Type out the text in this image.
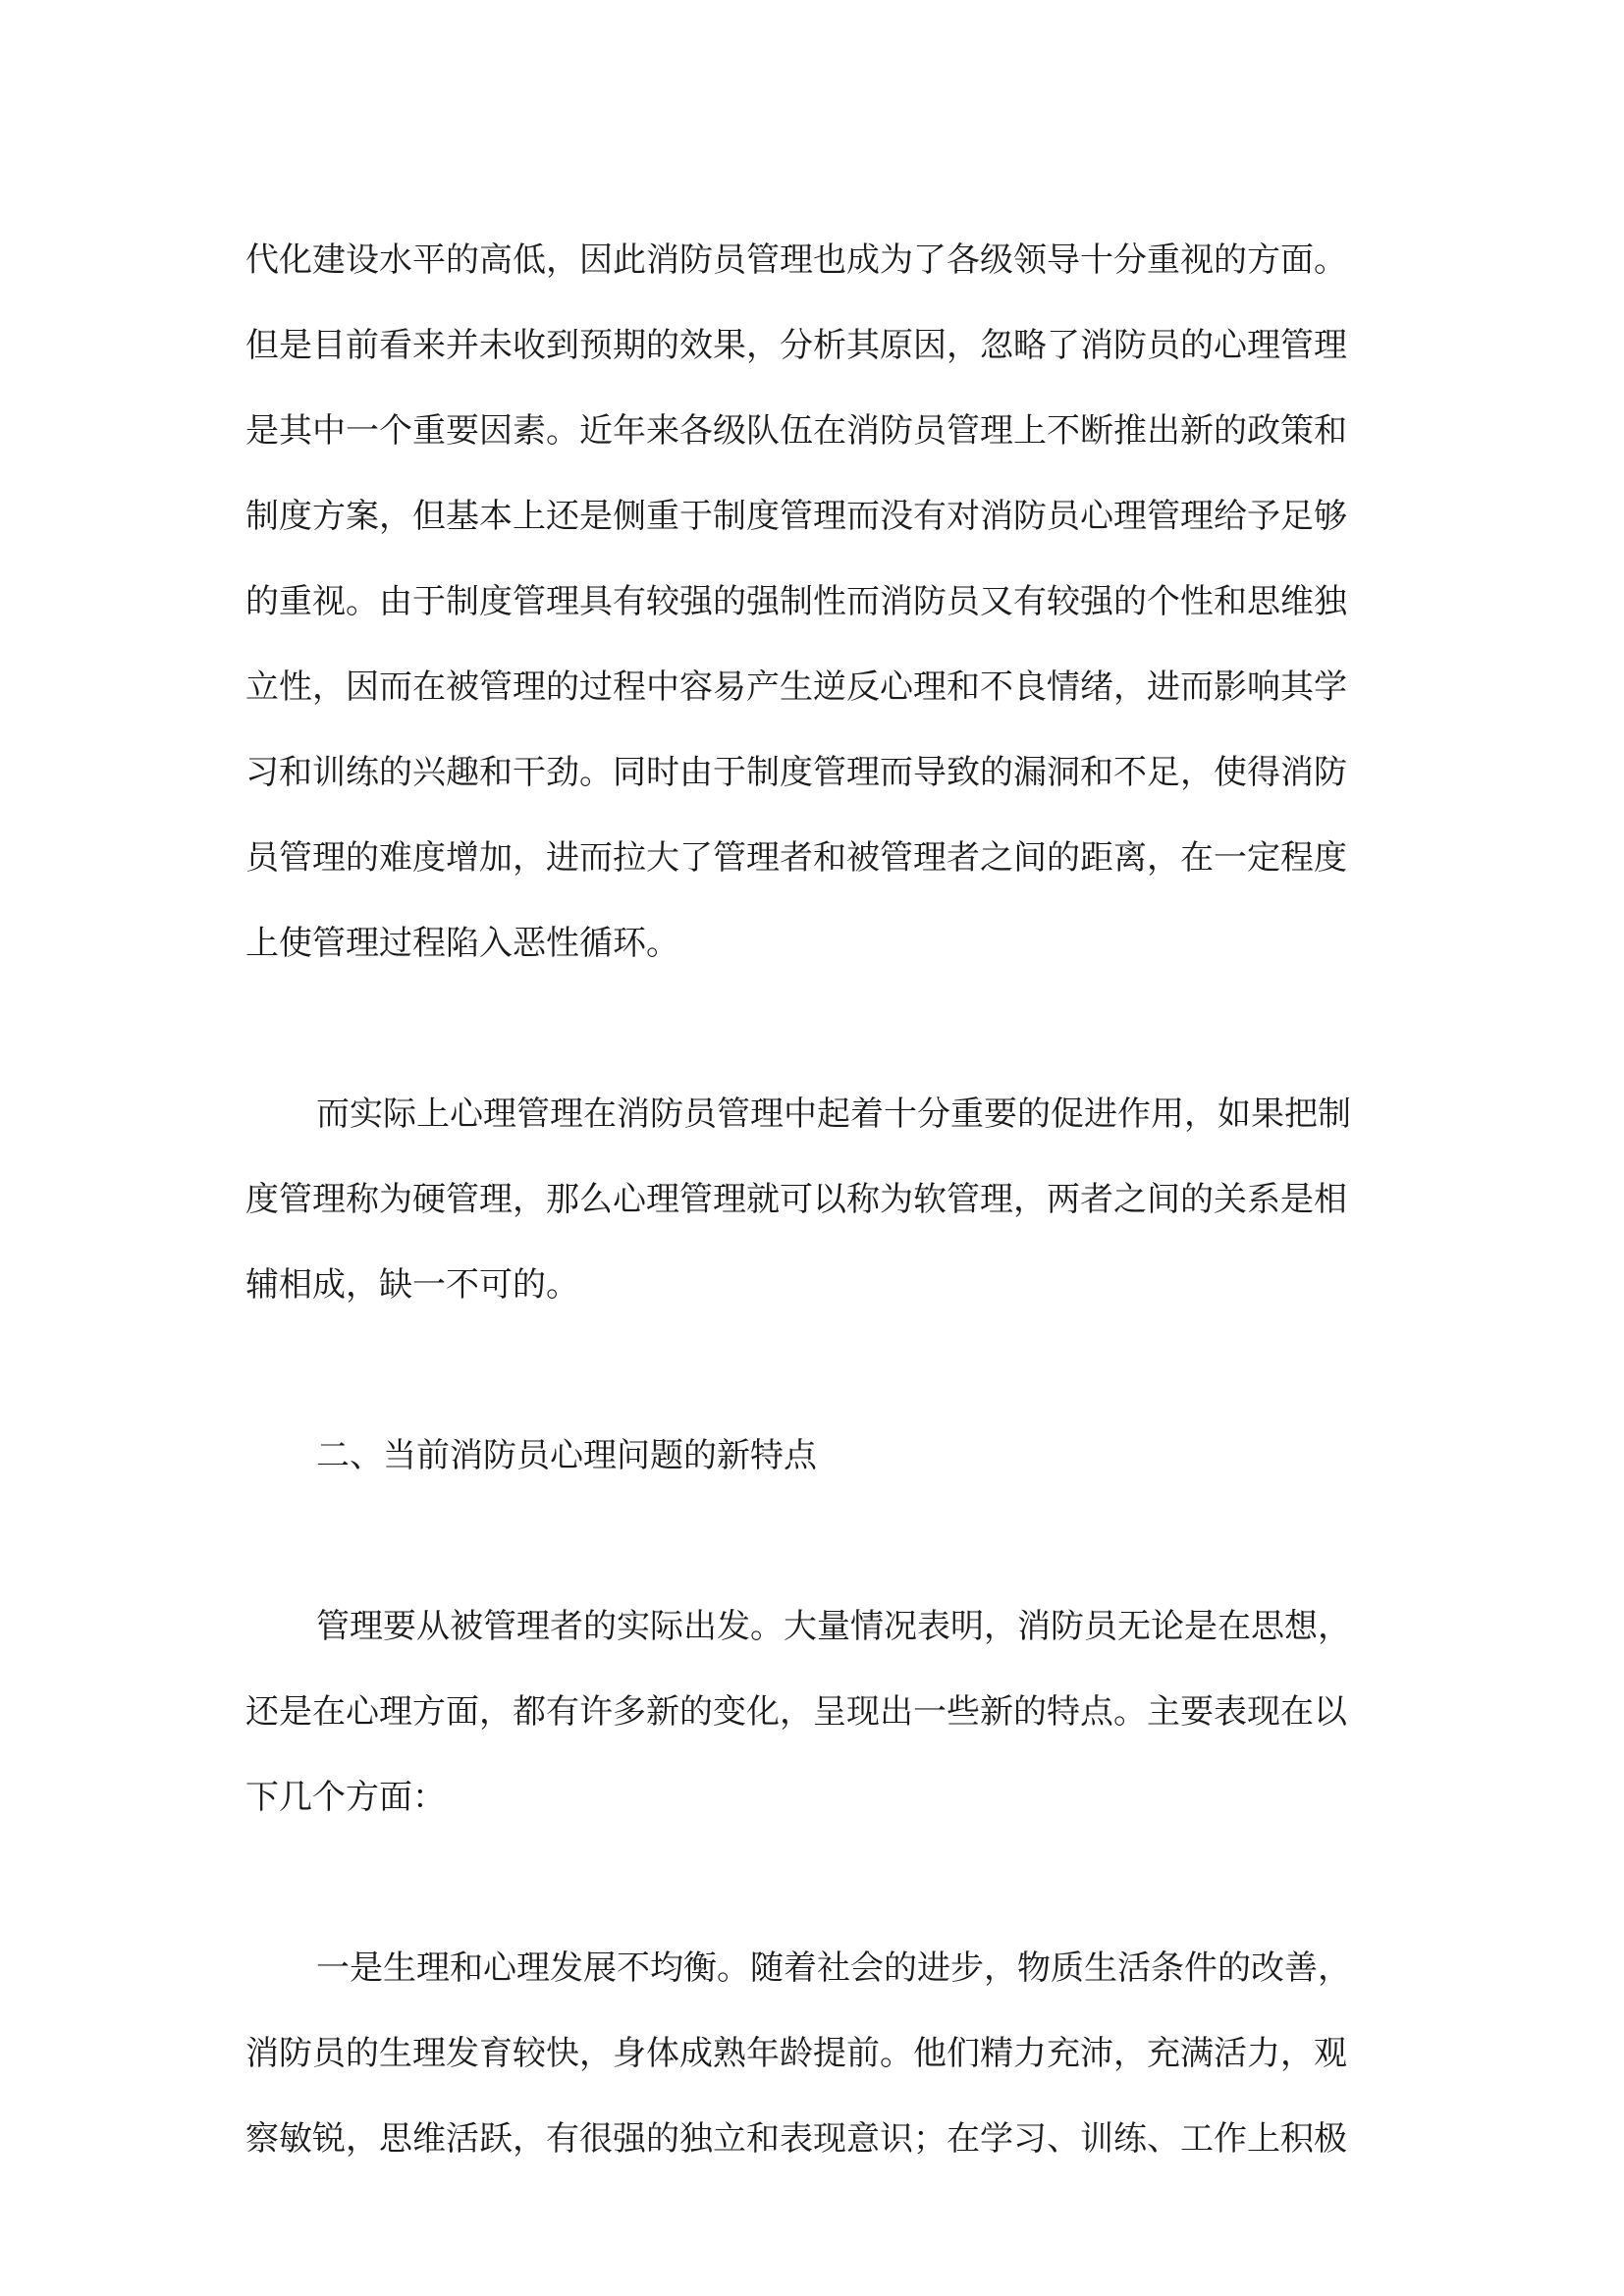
代化建设水平的高低，因此消防员管理也成为了各级领导十分重视的方面。
但是目前看来并未收到预期的效果，分析其原因，忽略了消防员的心理管理
是其中一个重要因素。近年来各级队伍在消防员管理上不断推出新的政策和
制度方案，但基本上还是侧重于制度管理而没有对消防员心理管理给予足够
的重视。由于制度管理具有较强的强制性而消防员又有较强的个性和思维独
立性，因而在被管理的过程中容易产生逆反心理和不良情绪，进而影响其学
习和训练的兴趣和干劲。同时由于制度管理而导致的漏洞和不足，使得消防
员管理的难度增加，进而拉大了管理者和被管理者之间的距离，在一定程度
上使管理过程陷入恶性循环。
而实际上心理管理在消防员管理中起着十分重要的促进作用，如果把制
度管理称为硬管理，那么心理管理就可以称为软管理，两者之间的关系是相
辅相成，缺一不可的。
二、当前消防员心理问题的新特点
管理要从被管理者的实际出发。大量情况表明，消防员无论是在思想，
还是在心理方面，都有许多新的变化，呈现出一些新的特点。主要表现在以
下几个方面：
一是生理和心理发展不均衡。随着社会的进步，物质生活条件的改善，
消防员的生理发育较快，身体成熟年龄提前。他们精力充沛，充满活力，观
察敏锐，思维活跃，有很强的独立和表现意识；在学习、训练、工作上积极
